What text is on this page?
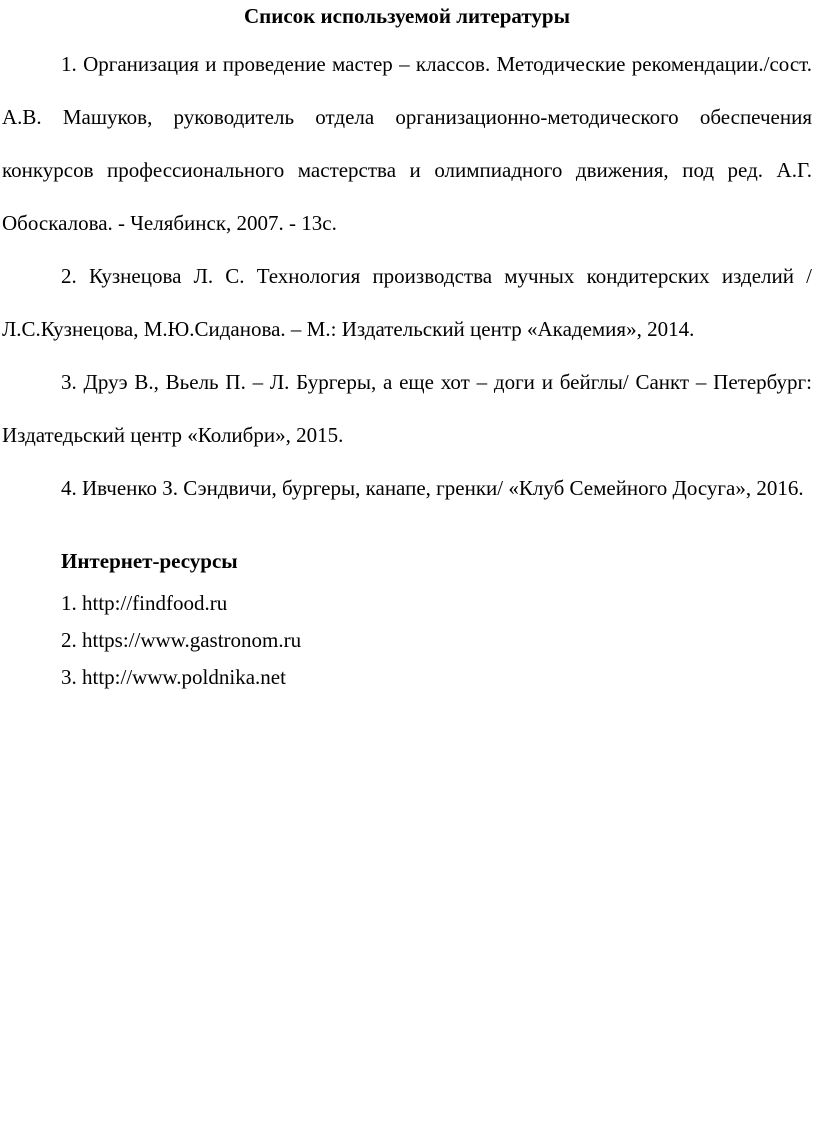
Список используемой литературы
1. Организация и проведение мастер – классов. Методические рекомендации./сост. А.В. Машуков, руководитель отдела организационно-методического обеспечения конкурсов профессионального мастерства и олимпиадного движения, под ред. А.Г. Обоскалова. - Челябинск, 2007. - 13с.
2. Кузнецова Л. С. Технология производства мучных кондитерских изделий / Л.С.Кузнецова, М.Ю.Сиданова. – М.: Издательский центр «Академия», 2014.
3. Друэ В., Вьель П. – Л. Бургеры, а еще хот – доги и бейглы/ Санкт – Петербург: Издатедьский центр «Колибри», 2015.
4. Ивченко З. Сэндвичи, бургеры, канапе, гренки/ «Клуб Семейного Досуга», 2016.
Интернет-ресурсы
1. http://findfood.ru
2. https://www.gastronom.ru
3. http://www.poldnika.net
